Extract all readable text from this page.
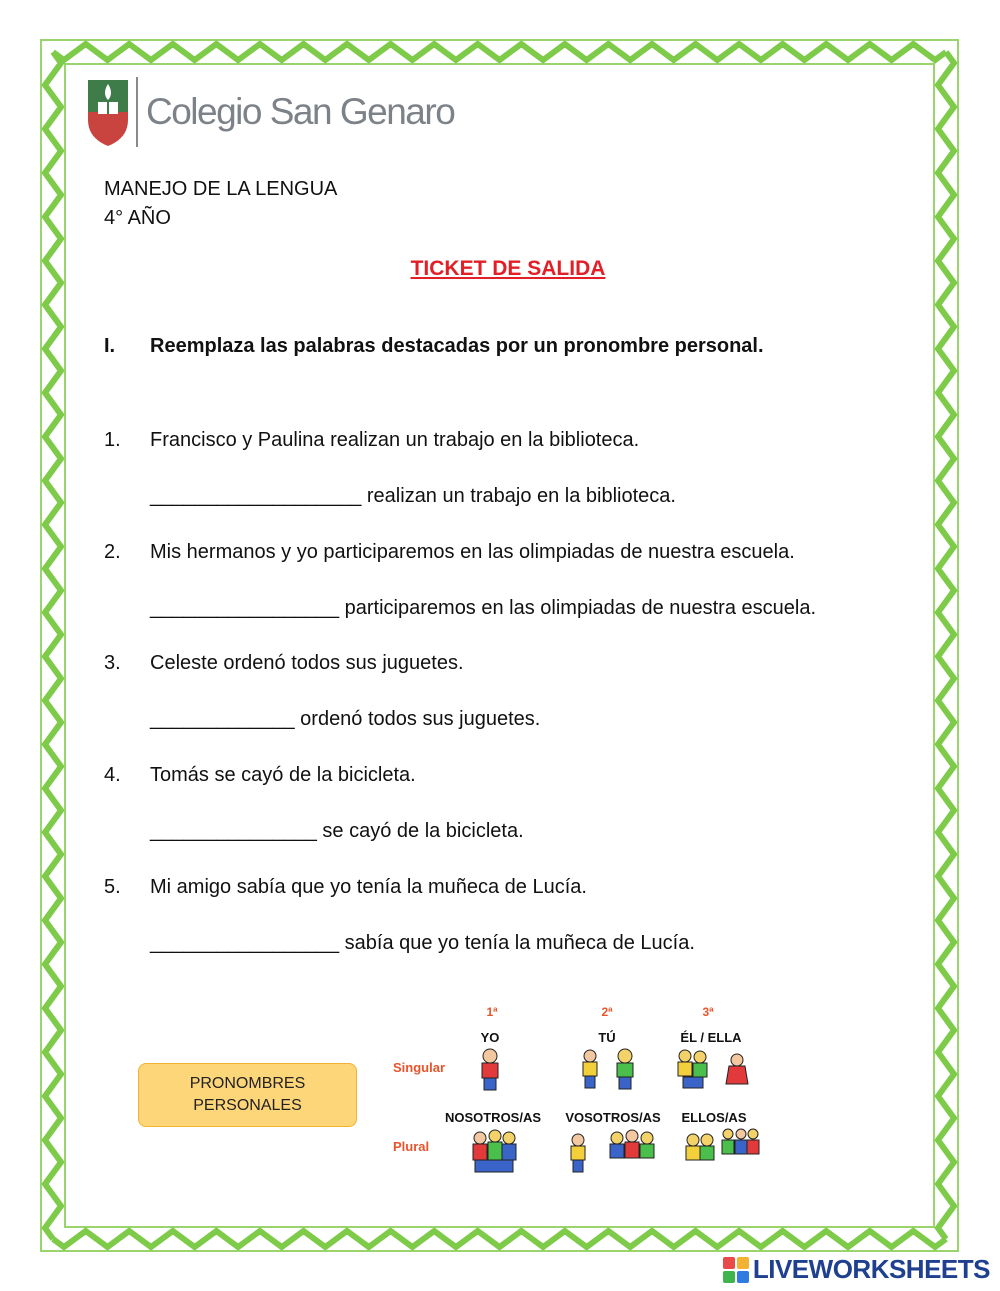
Colegio San Genaro
MANEJO DE LA LENGUA
4° AÑO
TICKET DE SALIDA
I. Reemplaza las palabras destacadas por un pronombre personal.
1. Francisco y Paulina realizan un trabajo en la biblioteca.
___________________ realizan un trabajo en la biblioteca.
2. Mis hermanos y yo participaremos en las olimpiadas de nuestra escuela.
_________________ participaremos en las olimpiadas de nuestra escuela.
3. Celeste ordenó todos sus juguetes.
_____________ ordenó todos sus juguetes.
4. Tomás se cayó de la bicicleta.
_______________ se cayó de la bicicleta.
5. Mi amigo sabía que yo tenía la muñeca de Lucía.
_________________ sabía que yo tenía la muñeca de Lucía.
PRONOMBRES
PERSONALES
1ª	2ª	3ª
Singular
Plural
YO	TÚ	ÉL / ELLA
NOSOTROS/AS VOSOTROS/AS ELLOS/AS
LIVEWORKSHEETS
